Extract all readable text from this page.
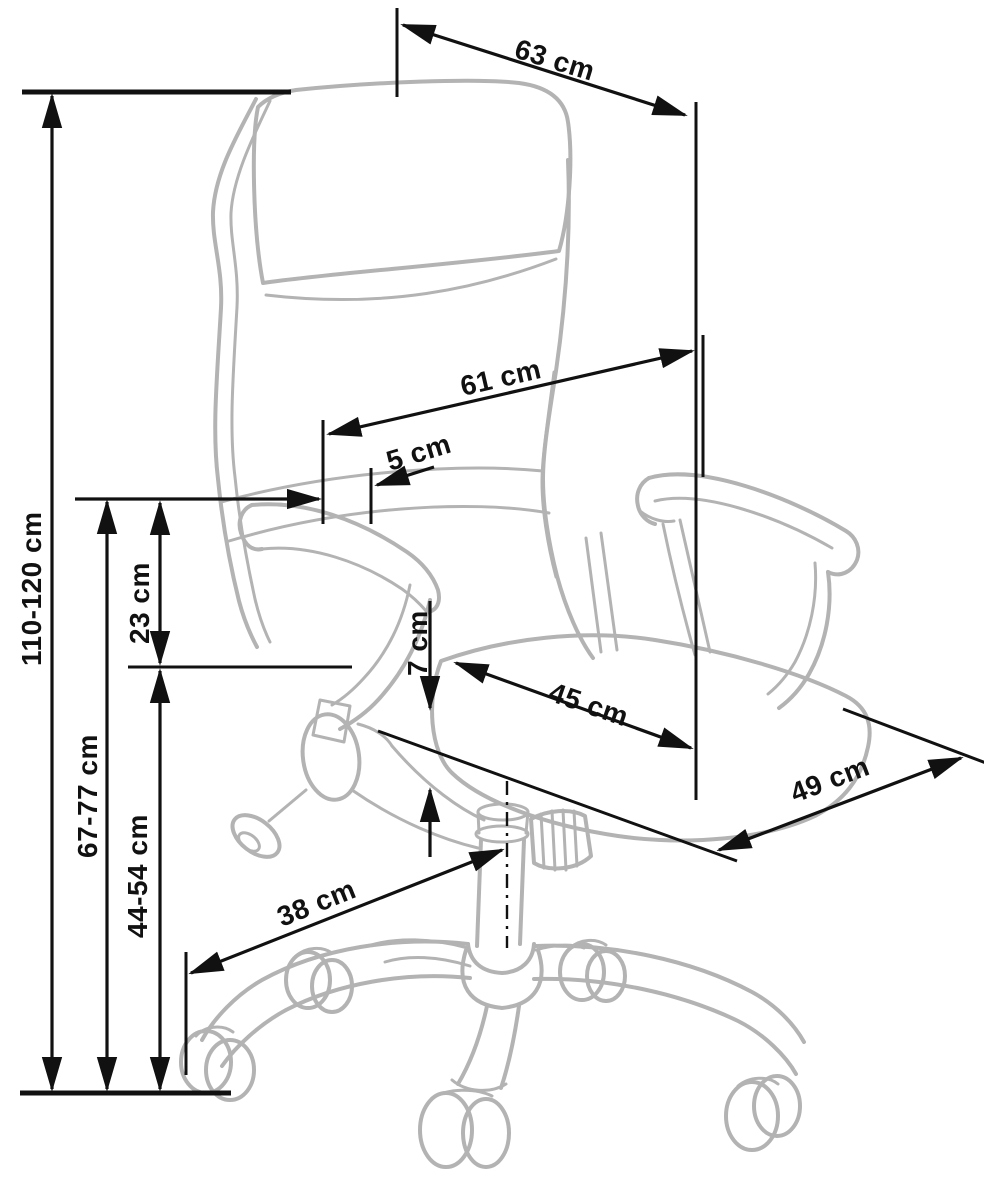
110-120 cm
67-77 cm
23 cm
44-54 cm
63 cm
61 cm
5 cm
7 cm
45 cm
49 cm
38 cm
